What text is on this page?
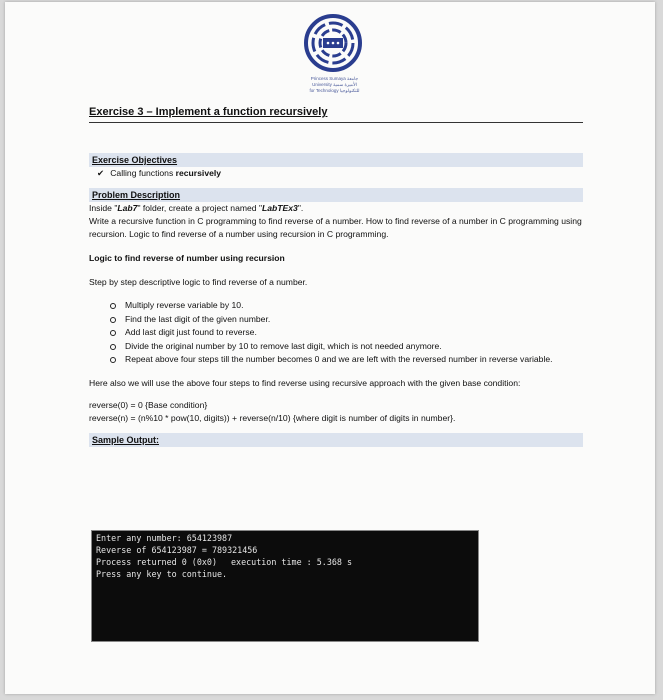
Princess Sumaya جامعة
University الأميرة سمية
for Technology للتكنولوجيا
Exercise 3 – Implement a function recursively
Exercise Objectives
✔ Calling functions recursively
Problem Description
Inside "Lab7" folder, create a project named "LabTEx3".
Write a recursive function in C programming to find reverse of a number. How to find reverse of a number in C programming using recursion. Logic to find reverse of a number using recursion in C programming.
Logic to find reverse of number using recursion
Step by step descriptive logic to find reverse of a number.
Multiply reverse variable by 10.
Find the last digit of the given number.
Add last digit just found to reverse.
Divide the original number by 10 to remove last digit, which is not needed anymore.
Repeat above four steps till the number becomes 0 and we are left with the reversed number in reverse variable.
Here also we will use the above four steps to find reverse using recursive approach with the given base condition:
reverse(0) = 0 {Base condition}
reverse(n) = (n%10 * pow(10, digits)) + reverse(n/10) {where digit is number of digits in number}.
Sample Output:
Enter any number: 654123987
Reverse of 654123987 = 789321456
Process returned 0 (0x0) execution time : 5.368 s
Press any key to continue.
